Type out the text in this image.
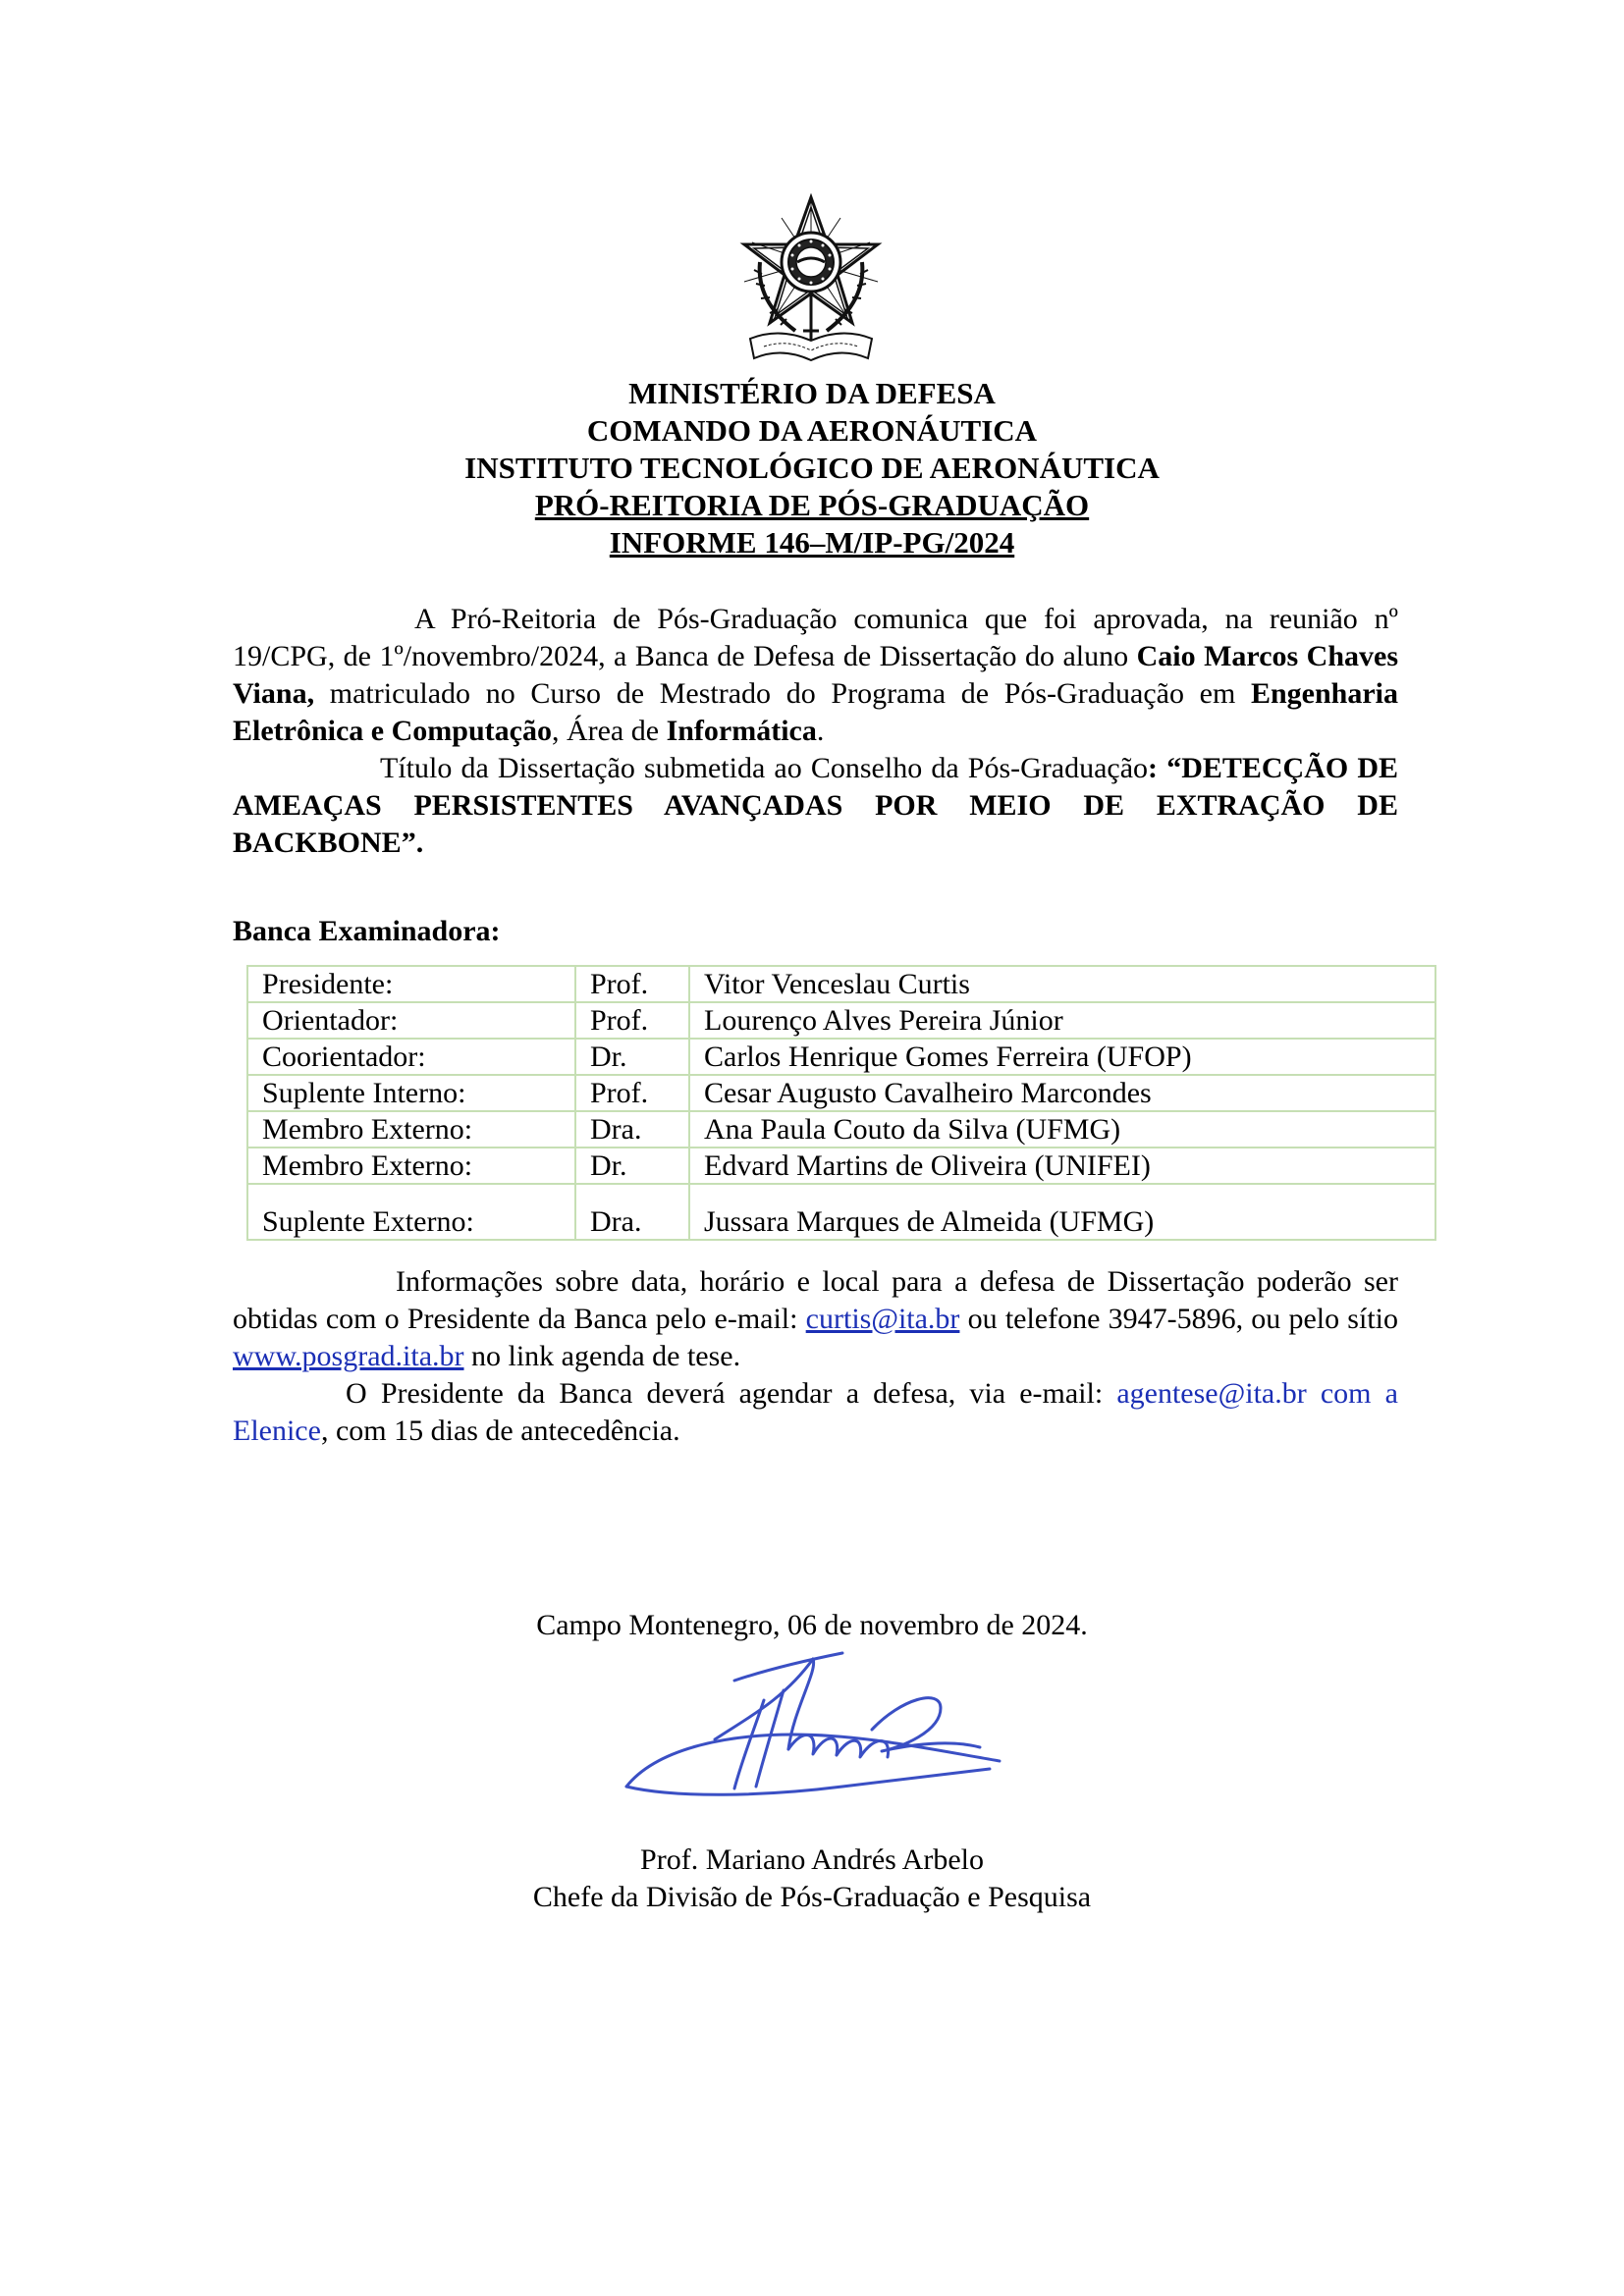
MINISTÉRIO DA DEFESA
COMANDO DA AERONÁUTICA
INSTITUTO TECNOLÓGICO DE AERONÁUTICA
PRÓ-REITORIA DE PÓS-GRADUAÇÃO
INFORME 146–M/IP-PG/2024
A Pró-Reitoria de Pós-Graduação comunica que foi aprovada, na reunião nº 19/CPG, de 1º/novembro/2024, a Banca de Defesa de Dissertação do aluno Caio Marcos Chaves Viana, matriculado no Curso de Mestrado do Programa de Pós-Graduação em Engenharia Eletrônica e Computação, Área de Informática.
Título da Dissertação submetida ao Conselho da Pós-Graduação: “DETECÇÃO DE AMEAÇAS PERSISTENTES AVANÇADAS POR MEIO DE EXTRAÇÃO DE BACKBONE”.
Banca Examinadora:
Presidente:	Prof.	Vitor Venceslau Curtis
Orientador:	Prof.	Lourenço Alves Pereira Júnior
Coorientador:	Dr.	Carlos Henrique Gomes Ferreira (UFOP)
Suplente Interno:	Prof.	Cesar Augusto Cavalheiro Marcondes
Membro Externo:	Dra.	Ana Paula Couto da Silva (UFMG)
Membro Externo:	Dr.	Edvard Martins de Oliveira (UNIFEI)
Suplente Externo:	Dra.	Jussara Marques de Almeida (UFMG)
Informações sobre data, horário e local para a defesa de Dissertação poderão ser obtidas com o Presidente da Banca pelo e-mail: curtis@ita.br ou telefone 3947-5896, ou pelo sítio www.posgrad.ita.br no link agenda de tese.
O Presidente da Banca deverá agendar a defesa, via e-mail: agentese@ita.br com a Elenice, com 15 dias de antecedência.
Campo Montenegro, 06 de novembro de 2024.
Prof. Mariano Andrés Arbelo
Chefe da Divisão de Pós-Graduação e Pesquisa
